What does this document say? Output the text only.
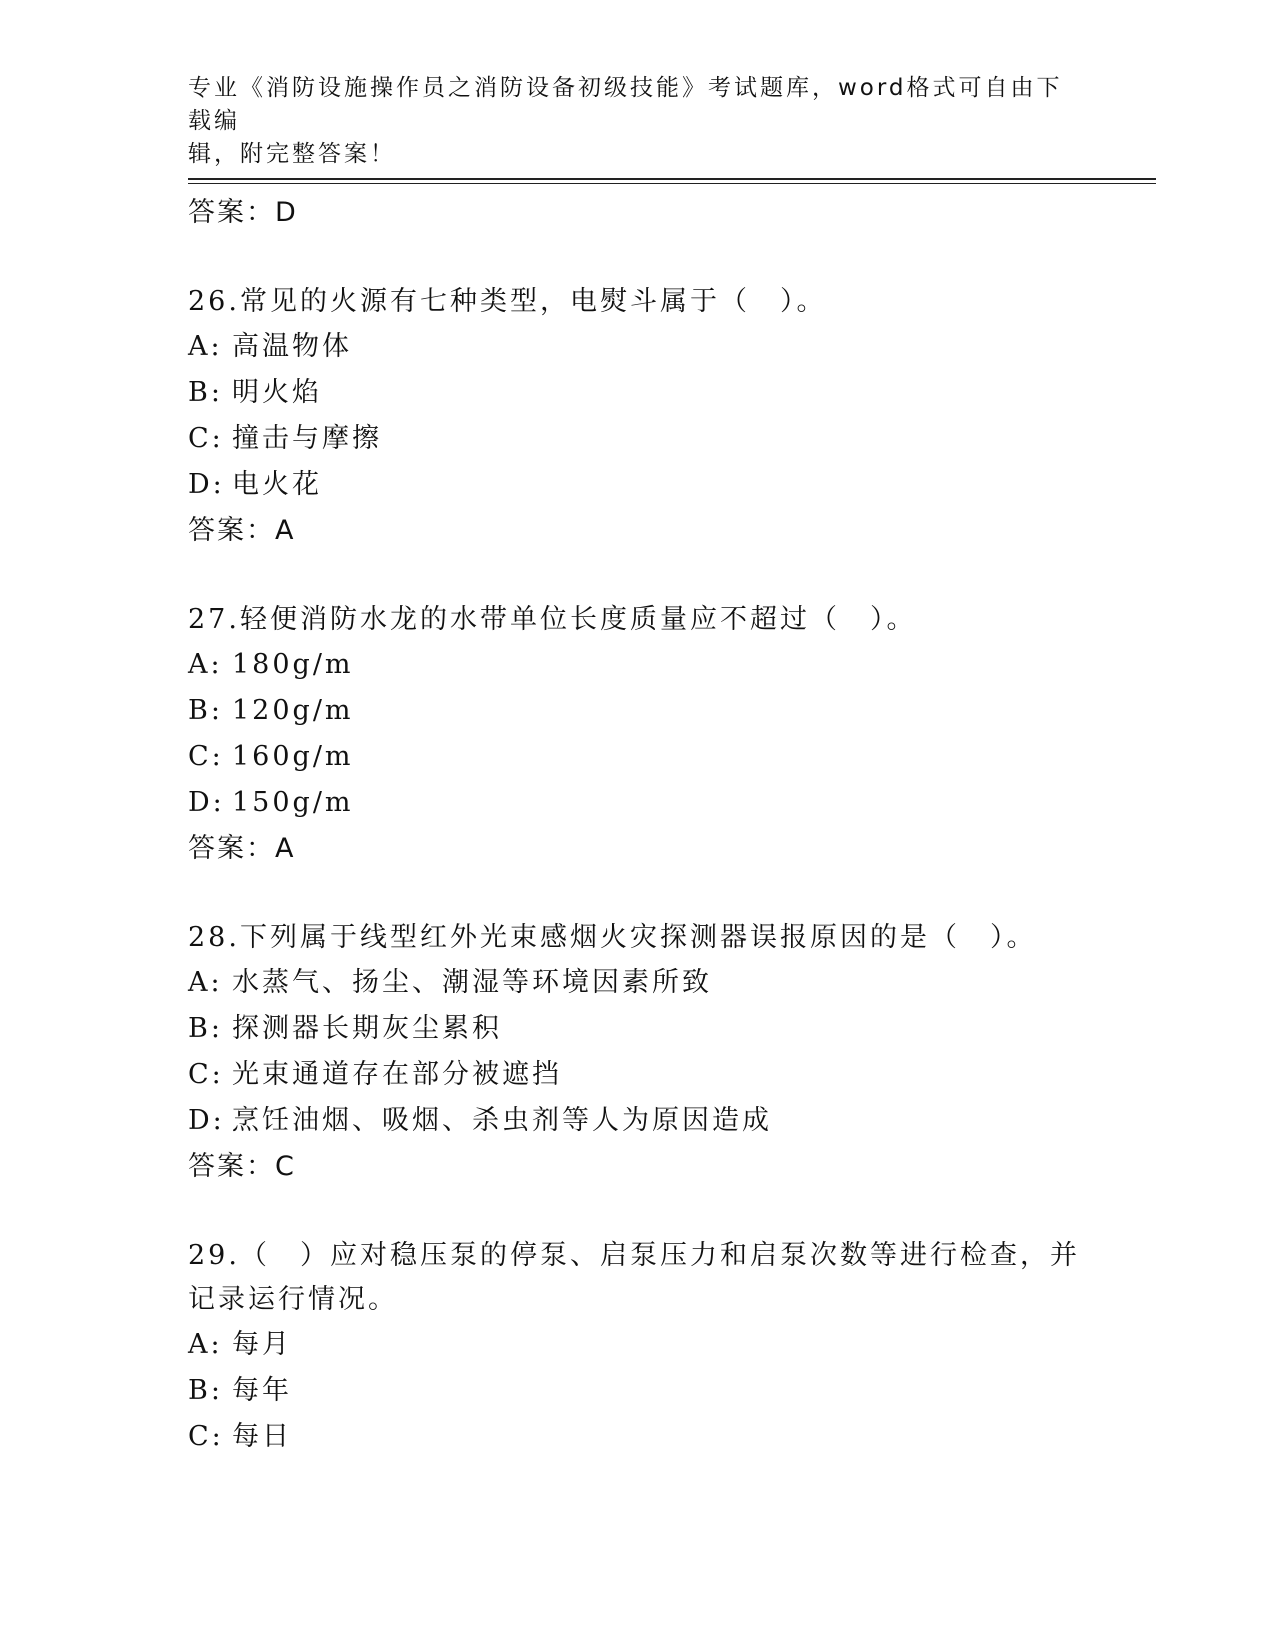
专业《消防设施操作员之消防设备初级技能》考试题库，word格式可自由下载编
辑，附完整答案！
答案：D
26.常见的火源有七种类型，电熨斗属于（　）。
A: 高温物体
B: 明火焰
C: 撞击与摩擦
D: 电火花
答案：A
27.轻便消防水龙的水带单位长度质量应不超过（　）。
A: 180g/m
B: 120g/m
C: 160g/m
D: 150g/m
答案：A
28.下列属于线型红外光束感烟火灾探测器误报原因的是（　）。
A: 水蒸气、扬尘、潮湿等环境因素所致
B: 探测器长期灰尘累积
C: 光束通道存在部分被遮挡
D: 烹饪油烟、吸烟、杀虫剂等人为原因造成
答案：C
29.（　）应对稳压泵的停泵、启泵压力和启泵次数等进行检查，并记录运行情况。
A: 每月
B: 每年
C: 每日
